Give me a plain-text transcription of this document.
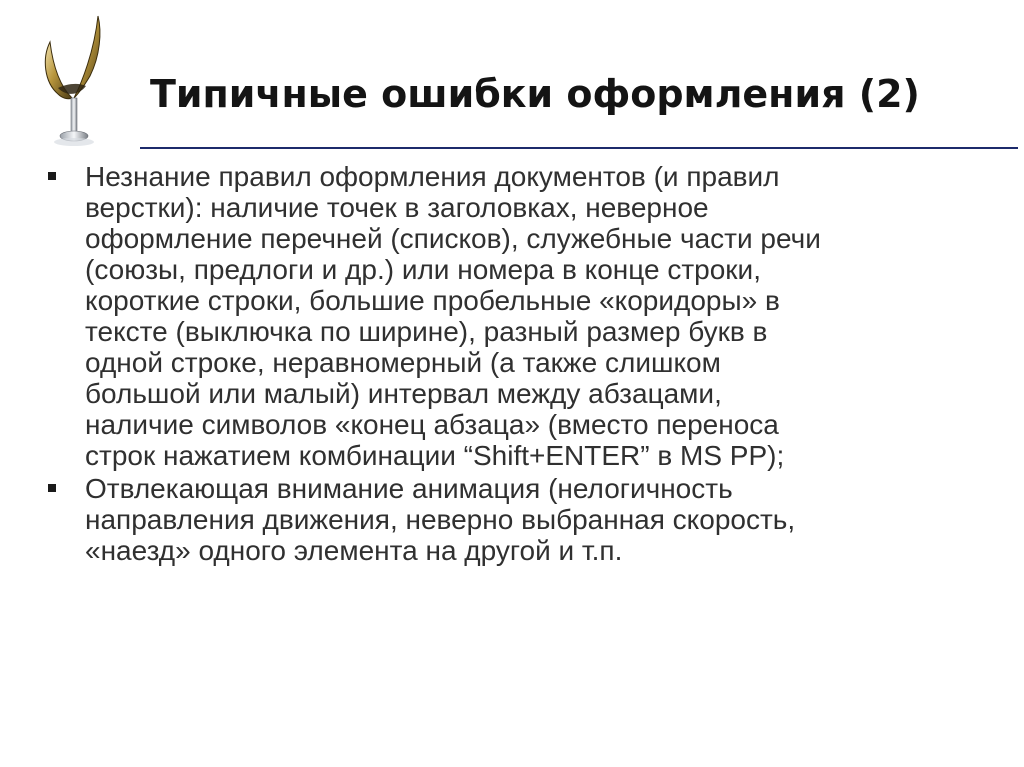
Типичные ошибки оформления (2)
Незнание правил оформления документов (и правил
верстки): наличие точек в заголовках, неверное
оформление перечней (списков), служебные части речи
(союзы, предлоги и др.) или номера в конце строки,
короткие строки, большие пробельные «коридоры» в
тексте (выключка по ширине), разный размер букв в
одной строке, неравномерный (а также слишком
большой или малый) интервал между абзацами,
наличие символов «конец абзаца» (вместо переноса
строк нажатием комбинации “Shift+ENTER” в MS PP);
Отвлекающая внимание анимация (нелогичность
направления движения, неверно выбранная скорость,
«наезд» одного элемента на другой и т.п.
